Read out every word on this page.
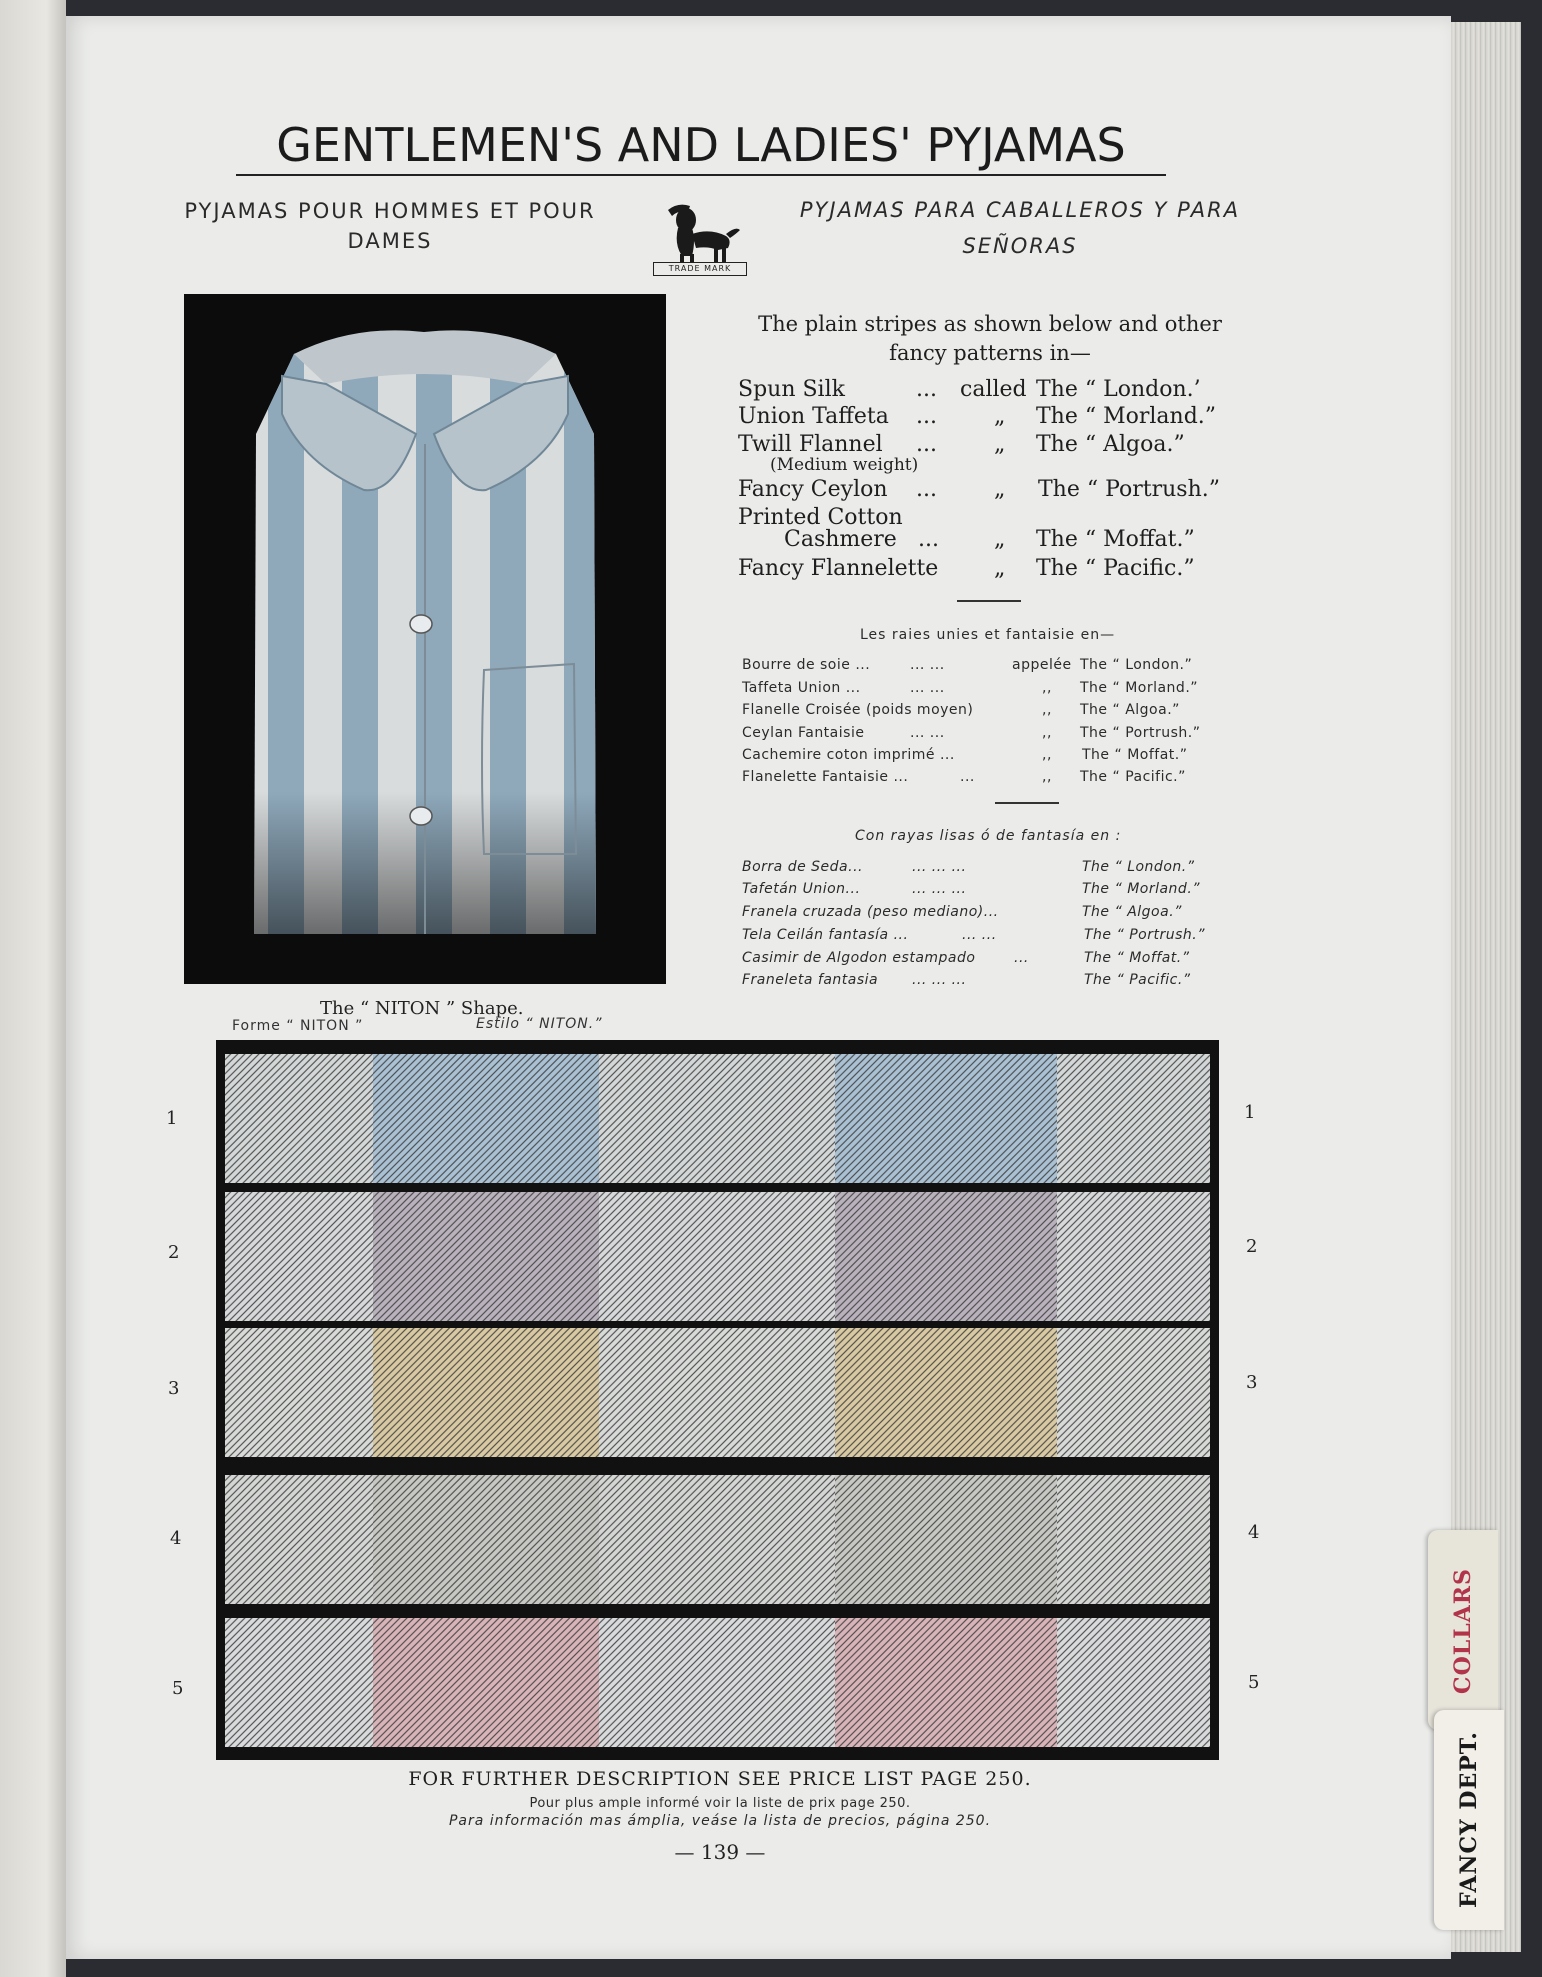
GENTLEMEN'S AND LADIES' PYJAMAS
PYJAMAS POUR HOMMES ET POUR DAMES
PYJAMAS PARA CABALLEROS Y PARA SEÑORAS
TRADE MARK
The “ NITON ” Shape.
Forme “ NITON ”	Estilo “ NITON.”
The plain stripes as shown below and other fancy patterns in—
Spun Silk	... called The “ London.’
Union Taffeta ...	„ The “ Morland.”
Twill Flannel ...	„ The “ Algoa.”
(Medium weight)
Fancy Ceylon ...	„ The “ Portrush.”
Printed Cotton
Cashmere ...	„ The “ Moffat.”
Fancy Flannelette	„ The “ Pacific.”
Les raies unies et fantaisie en—
Bourre de soie ...	... ...	appelée The “ London.”
Taffeta Union ...	... ...	,, The “ Morland.”
Flanelle Croisée (poids moyen)	,, The “ Algoa.”
Ceylan Fantaisie	... ...	,, The “ Portrush.”
Cachemire coton imprimé ...	,, The “ Moffat.”
Flanelette Fantaisie ...	...	,, The “ Pacific.”
Con rayas lisas ó de fantasía en :
Borra de Seda...	... ... ...	The “ London.”
Tafetán Union...	... ... ...	The “ Morland.”
Franela cruzada (peso mediano)...	The “ Algoa.”
Tela Ceilán fantasía ...	... ...	The “ Portrush.”
Casimir de Algodon estampado	...	The “ Moffat.”
Franeleta fantasia ... ... ...	The “ Pacific.”
1
2
3
4
5
1
2
3
4
5
FOR FURTHER DESCRIPTION SEE PRICE LIST PAGE 250.
Pour plus ample informé voir la liste de prix page 250.
Para información mas ámplia, veáse la lista de precios, página 250.
— 139 —
COLLARS
FANCY DEPT.
